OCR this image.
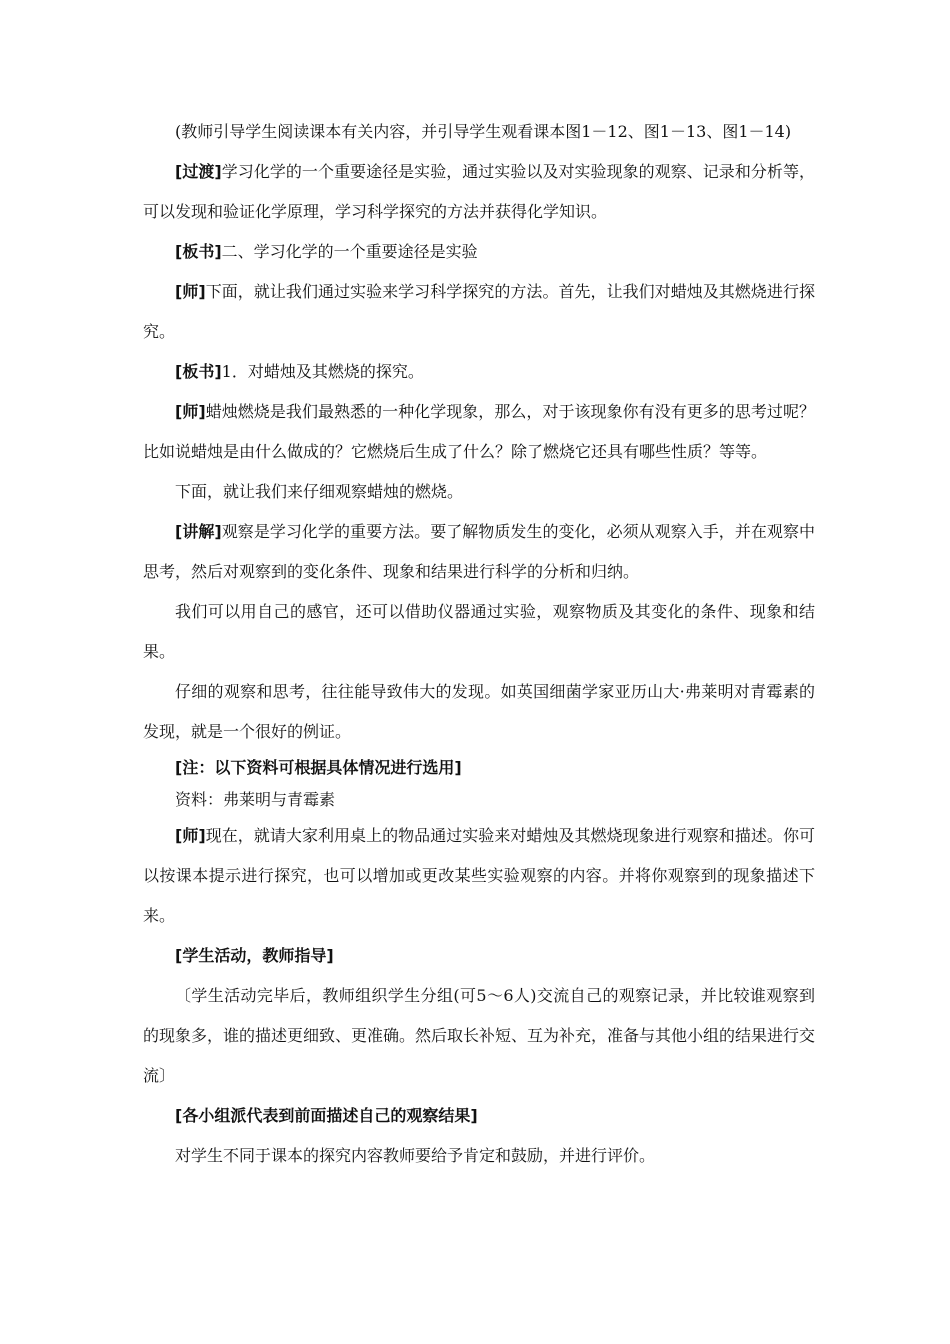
(教师引导学生阅读课本有关内容，并引导学生观看课本图1－12、图1－13、图1－14)

[过渡]学习化学的一个重要途径是实验，通过实验以及对实验现象的观察、记录和分析等，可以发现和验证化学原理，学习科学探究的方法并获得化学知识。

[板书]二、学习化学的一个重要途径是实验

[师]下面，就让我们通过实验来学习科学探究的方法。首先，让我们对蜡烛及其燃烧进行探究。

[板书]1．对蜡烛及其燃烧的探究。

[师]蜡烛燃烧是我们最熟悉的一种化学现象，那么，对于该现象你有没有更多的思考过呢？比如说蜡烛是由什么做成的？它燃烧后生成了什么？除了燃烧它还具有哪些性质？等等。

下面，就让我们来仔细观察蜡烛的燃烧。

[讲解]观察是学习化学的重要方法。要了解物质发生的变化，必须从观察入手，并在观察中思考，然后对观察到的变化条件、现象和结果进行科学的分析和归纳。

我们可以用自己的感官，还可以借助仪器通过实验，观察物质及其变化的条件、现象和结果。

仔细的观察和思考，往往能导致伟大的发现。如英国细菌学家亚历山大·弗莱明对青霉素的发现，就是一个很好的例证。

[注：以下资料可根据具体情况进行选用]

资料：弗莱明与青霉素

[师]现在，就请大家利用桌上的物品通过实验来对蜡烛及其燃烧现象进行观察和描述。你可以按课本提示进行探究，也可以增加或更改某些实验观察的内容。并将你观察到的现象描述下来。

[学生活动，教师指导]

〔学生活动完毕后，教师组织学生分组(可5～6人)交流自己的观察记录，并比较谁观察到的现象多，谁的描述更细致、更准确。然后取长补短、互为补充，准备与其他小组的结果进行交流〕

[各小组派代表到前面描述自己的观察结果]

对学生不同于课本的探究内容教师要给予肯定和鼓励，并进行评价。
